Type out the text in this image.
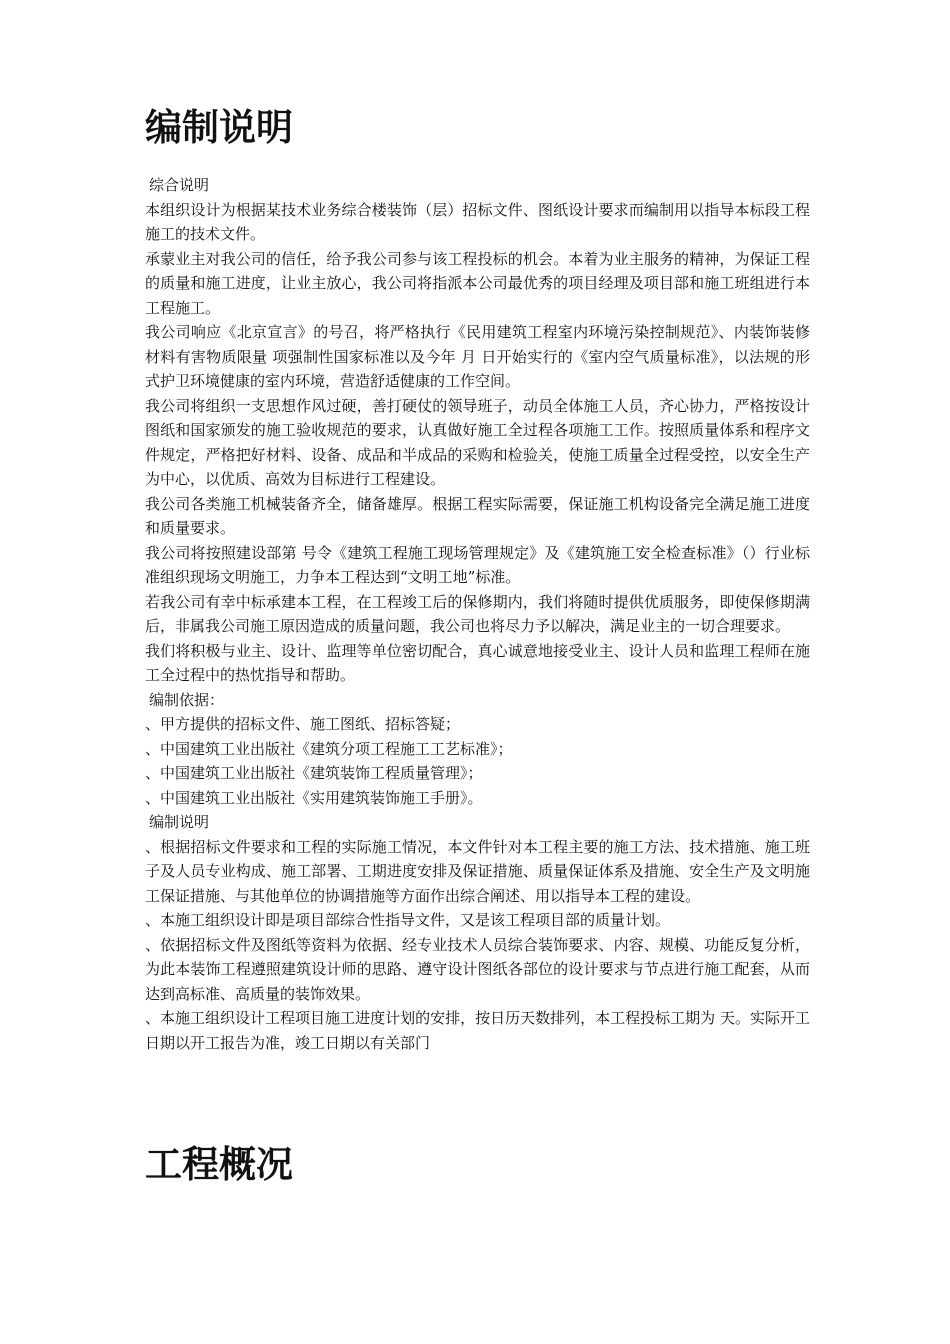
编制说明

综合说明

本组织设计为根据某技术业务综合楼装饰（层）招标文件、图纸设计要求而编制用以指导本标段工程施工的技术文件。

承蒙业主对我公司的信任，给予我公司参与该工程投标的机会。本着为业主服务的精神，为保证工程的质量和施工进度，让业主放心，我公司将指派本公司最优秀的项目经理及项目部和施工班组进行本工程施工。

我公司响应《北京宣言》的号召，将严格执行《民用建筑工程室内环境污染控制规范》、内装饰装修材料有害物质限量 项强制性国家标准以及今年 月 日开始实行的《室内空气质量标准》，以法规的形式护卫环境健康的室内环境，营造舒适健康的工作空间。

我公司将组织一支思想作风过硬，善打硬仗的领导班子，动员全体施工人员，齐心协力，严格按设计图纸和国家颁发的施工验收规范的要求，认真做好施工全过程各项施工工作。按照质量体系和程序文件规定，严格把好材料、设备、成品和半成品的采购和检验关，使施工质量全过程受控，以安全生产为中心，以优质、高效为目标进行工程建设。

我公司各类施工机械装备齐全，储备雄厚。根据工程实际需要，保证施工机构设备完全满足施工进度和质量要求。

我公司将按照建设部第 号令《建筑工程施工现场管理规定》及《建筑施工安全检查标准》（）行业标准组织现场文明施工，力争本工程达到“文明工地”标准。

若我公司有幸中标承建本工程，在工程竣工后的保修期内，我们将随时提供优质服务，即使保修期满后，非属我公司施工原因造成的质量问题，我公司也将尽力予以解决，满足业主的一切合理要求。

我们将积极与业主、设计、监理等单位密切配合，真心诚意地接受业主、设计人员和监理工程师在施工全过程中的热忱指导和帮助。

编制依据：

、甲方提供的招标文件、施工图纸、招标答疑；

、中国建筑工业出版社《建筑分项工程施工工艺标准》；

、中国建筑工业出版社《建筑装饰工程质量管理》；

、中国建筑工业出版社《实用建筑装饰施工手册》。

编制说明

、根据招标文件要求和工程的实际施工情况，本文件针对本工程主要的施工方法、技术措施、施工班子及人员专业构成、施工部署、工期进度安排及保证措施、质量保证体系及措施、安全生产及文明施工保证措施、与其他单位的协调措施等方面作出综合阐述、用以指导本工程的建设。

、本施工组织设计即是项目部综合性指导文件，又是该工程项目部的质量计划。

、依据招标文件及图纸等资料为依据、经专业技术人员综合装饰要求、内容、规模、功能反复分析，为此本装饰工程遵照建筑设计师的思路、遵守设计图纸各部位的设计要求与节点进行施工配套，从而达到高标准、高质量的装饰效果。

、本施工组织设计工程项目施工进度计划的安排，按日历天数排列，本工程投标工期为 天。实际开工日期以开工报告为准，竣工日期以有关部门

工程概况
